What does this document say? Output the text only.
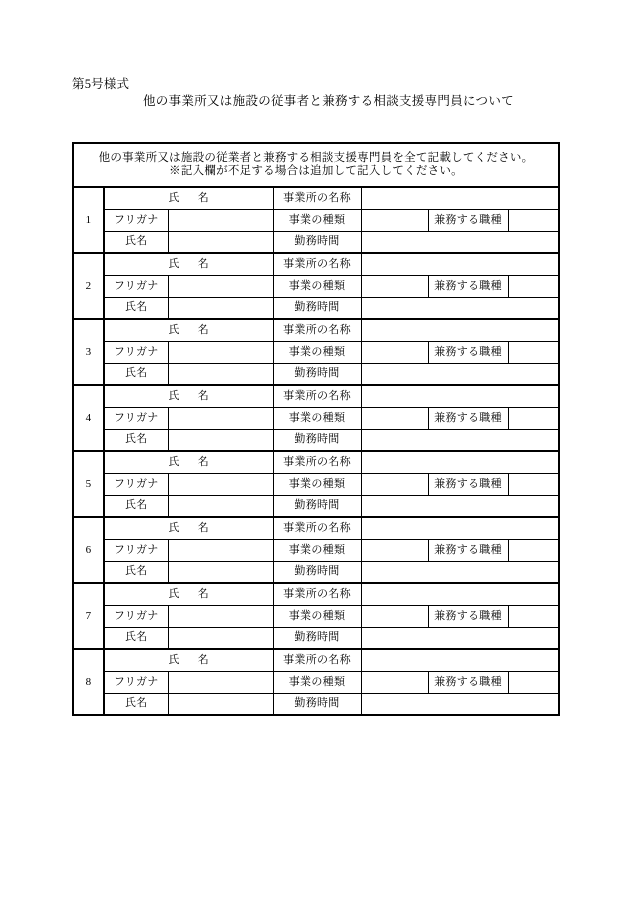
第5号様式
他の事業所又は施設の従事者と兼務する相談支援専門員について
他の事業所又は施設の従業者と兼務する相談支援専門員を全て記載してください。
※記入欄が不足する場合は追加して記入してください。						

1	氏 名		事業所の名称			
	フリガナ		事業の種類		兼務する職種	
	氏名		勤務時間			
2	氏 名		事業所の名称			
	フリガナ		事業の種類		兼務する職種	
	氏名		勤務時間			
3	氏 名		事業所の名称			
	フリガナ		事業の種類		兼務する職種	
	氏名		勤務時間			
4	氏 名		事業所の名称			
	フリガナ		事業の種類		兼務する職種	
	氏名		勤務時間			
5	氏 名		事業所の名称			
	フリガナ		事業の種類		兼務する職種	
	氏名		勤務時間			
6	氏 名		事業所の名称			
	フリガナ		事業の種類		兼務する職種	
	氏名		勤務時間			
7	氏 名		事業所の名称			
	フリガナ		事業の種類		兼務する職種	
	氏名		勤務時間			
8	氏 名		事業所の名称			
	フリガナ		事業の種類		兼務する職種	
	氏名		勤務時間			
